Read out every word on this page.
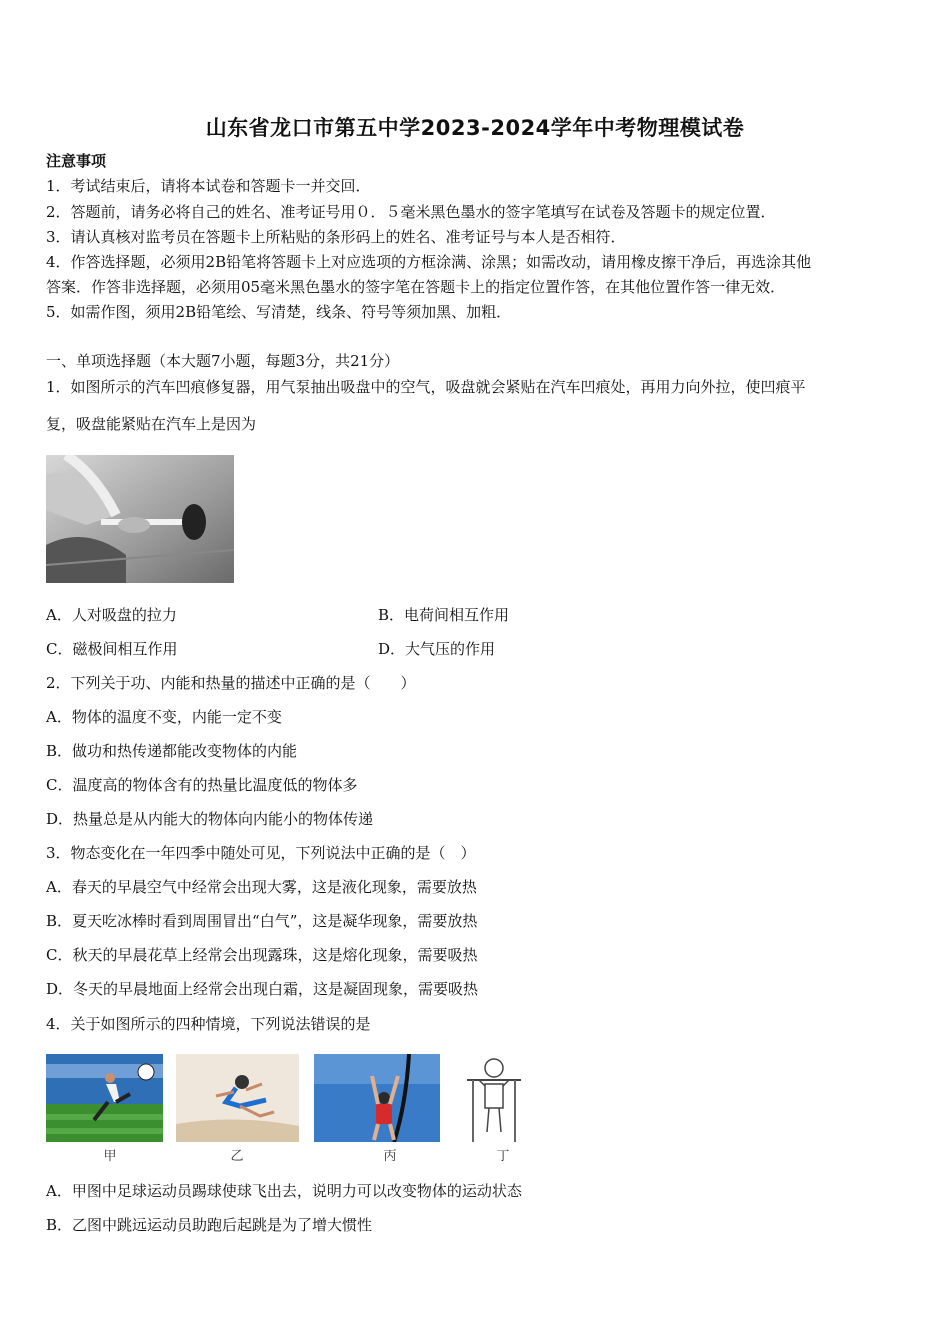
山东省龙口市第五中学2023-2024学年中考物理模试卷
注意事项
1．考试结束后，请将本试卷和答题卡一并交回．
2．答题前，请务必将自己的姓名、准考证号用０．５毫米黑色墨水的签字笔填写在试卷及答题卡的规定位置．
3．请认真核对监考员在答题卡上所粘贴的条形码上的姓名、准考证号与本人是否相符．
4．作答选择题，必须用2B铅笔将答题卡上对应选项的方框涂满、涂黑；如需改动，请用橡皮擦干净后，再选涂其他
答案．作答非选择题，必须用05毫米黑色墨水的签字笔在答题卡上的指定位置作答，在其他位置作答一律无效．
5．如需作图，须用2B铅笔绘、写清楚，线条、符号等须加黑、加粗．
一、单项选择题（本大题7小题，每题3分，共21分）
1．如图所示的汽车凹痕修复器，用气泵抽出吸盘中的空气，吸盘就会紧贴在汽车凹痕处，再用力向外拉，使凹痕平
复，吸盘能紧贴在汽车上是因为
A．人对吸盘的拉力	B．电荷间相互作用
C．磁极间相互作用	D．大气压的作用
2．下列关于功、内能和热量的描述中正确的是（　　）
A．物体的温度不变，内能一定不变
B．做功和热传递都能改变物体的内能
C．温度高的物体含有的热量比温度低的物体多
D．热量总是从内能大的物体向内能小的物体传递
3．物态变化在一年四季中随处可见，下列说法中正确的是（　）
A．春天的早晨空气中经常会出现大雾，这是液化现象，需要放热
B．夏天吃冰棒时看到周围冒出“白气”，这是凝华现象，需要放热
C．秋天的早晨花草上经常会出现露珠，这是熔化现象，需要吸热
D．冬天的早晨地面上经常会出现白霜，这是凝固现象，需要吸热
4．关于如图所示的四种情境，下列说法错误的是
甲	乙	丙	丁
A．甲图中足球运动员踢球使球飞出去，说明力可以改变物体的运动状态
B．乙图中跳远运动员助跑后起跳是为了增大惯性
